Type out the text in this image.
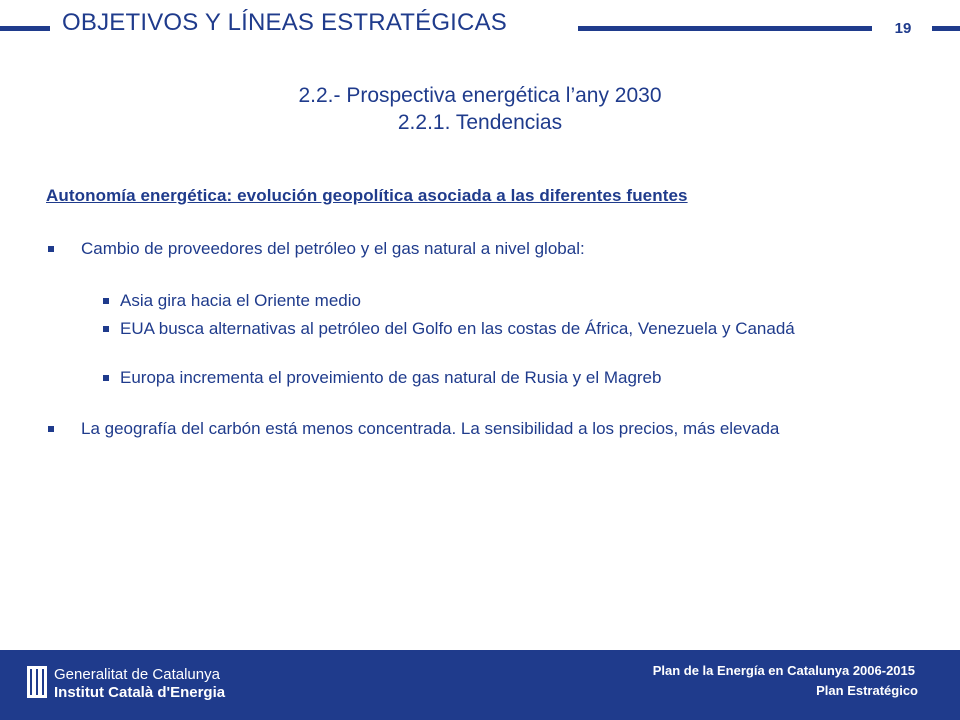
OBJETIVOS Y LÍNEAS ESTRATÉGICAS	19
2.2.- Prospectiva energética l’any 2030
2.2.1. Tendencias
Autonomía energética: evolución geopolítica asociada a las diferentes fuentes
Cambio de proveedores del petróleo y el gas natural a nivel global:
Asia gira hacia el Oriente medio
EUA busca alternativas al petróleo del Golfo en las costas de África, Venezuela y Canadá
Europa incrementa el proveimiento de gas natural de Rusia y el Magreb
La geografía del carbón está menos concentrada. La sensibilidad a los precios, más elevada
Generalitat de Catalunya
Institut Català d'Energia
Plan de la Energía en Catalunya 2006-2015
Plan Estratégico
